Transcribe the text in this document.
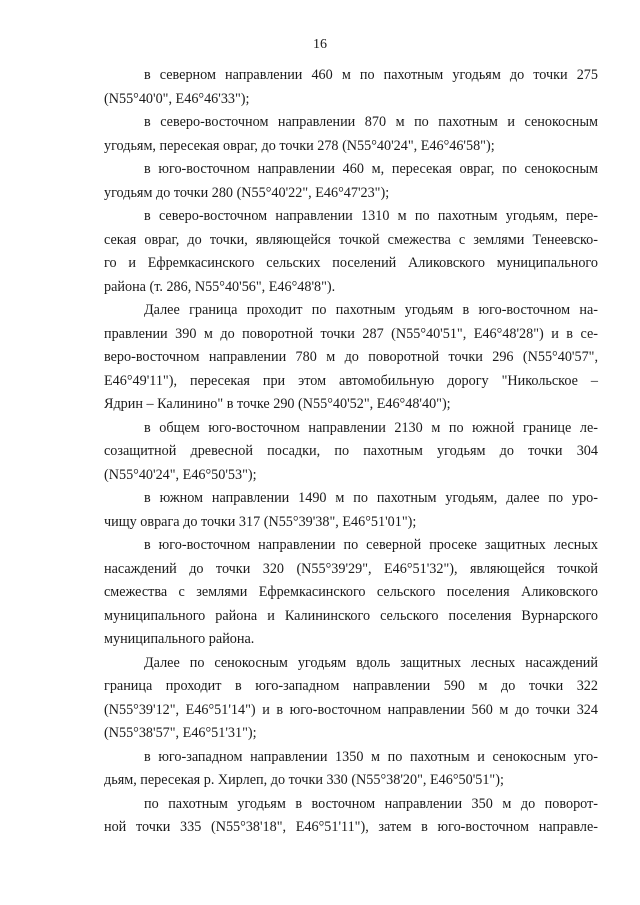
16
в северном направлении 460 м по пахотным угодьям до точки 275
(N55°40'0", E46°46'33");
в северо-восточном направлении 870 м по пахотным и сенокосным
угодьям, пересекая овраг, до точки 278 (N55°40'24", E46°46'58");
в юго-восточном направлении 460 м, пересекая овраг, по сенокосным
угодьям до точки 280 (N55°40'22", E46°47'23");
в северо-восточном направлении 1310 м по пахотным угодьям, пере-
секая овраг, до точки, являющейся точкой смежества с землями Тенеевско-
го и Ефремкасинского сельских поселений Аликовского муниципального
района (т. 286, N55°40'56", E46°48'8").
Далее граница проходит по пахотным угодьям в юго-восточном на-
правлении 390 м до поворотной точки 287 (N55°40'51", E46°48'28") и в се-
веро-восточном направлении 780 м до поворотной точки 296 (N55°40'57",
E46°49'11"), пересекая при этом автомобильную дорогу "Никольское –
Ядрин – Калинино" в точке 290 (N55°40'52", E46°48'40");
в общем юго-восточном направлении 2130 м по южной границе ле-
созащитной древесной посадки, по пахотным угодьям до точки 304
(N55°40'24", E46°50'53");
в южном направлении 1490 м по пахотным угодьям, далее по уро-
чищу оврага до точки 317 (N55°39'38", E46°51'01");
в юго-восточном направлении по северной просеке защитных лесных
насаждений до точки 320 (N55°39'29", E46°51'32"), являющейся точкой
смежества с землями Ефремкасинского сельского поселения Аликовского
муниципального района и Калининского сельского поселения Вурнарского
муниципального района.
Далее по сенокосным угодьям вдоль защитных лесных насаждений
граница проходит в юго-западном направлении 590 м до точки 322
(N55°39'12", E46°51'14") и в юго-восточном направлении 560 м до точки 324
(N55°38'57", E46°51'31");
в юго-западном направлении 1350 м по пахотным и сенокосным уго-
дьям, пересекая р. Хирлеп, до точки 330 (N55°38'20", E46°50'51");
по пахотным угодьям в восточном направлении 350 м до поворот-
ной точки 335 (N55°38'18", E46°51'11"), затем в юго-восточном направле-
